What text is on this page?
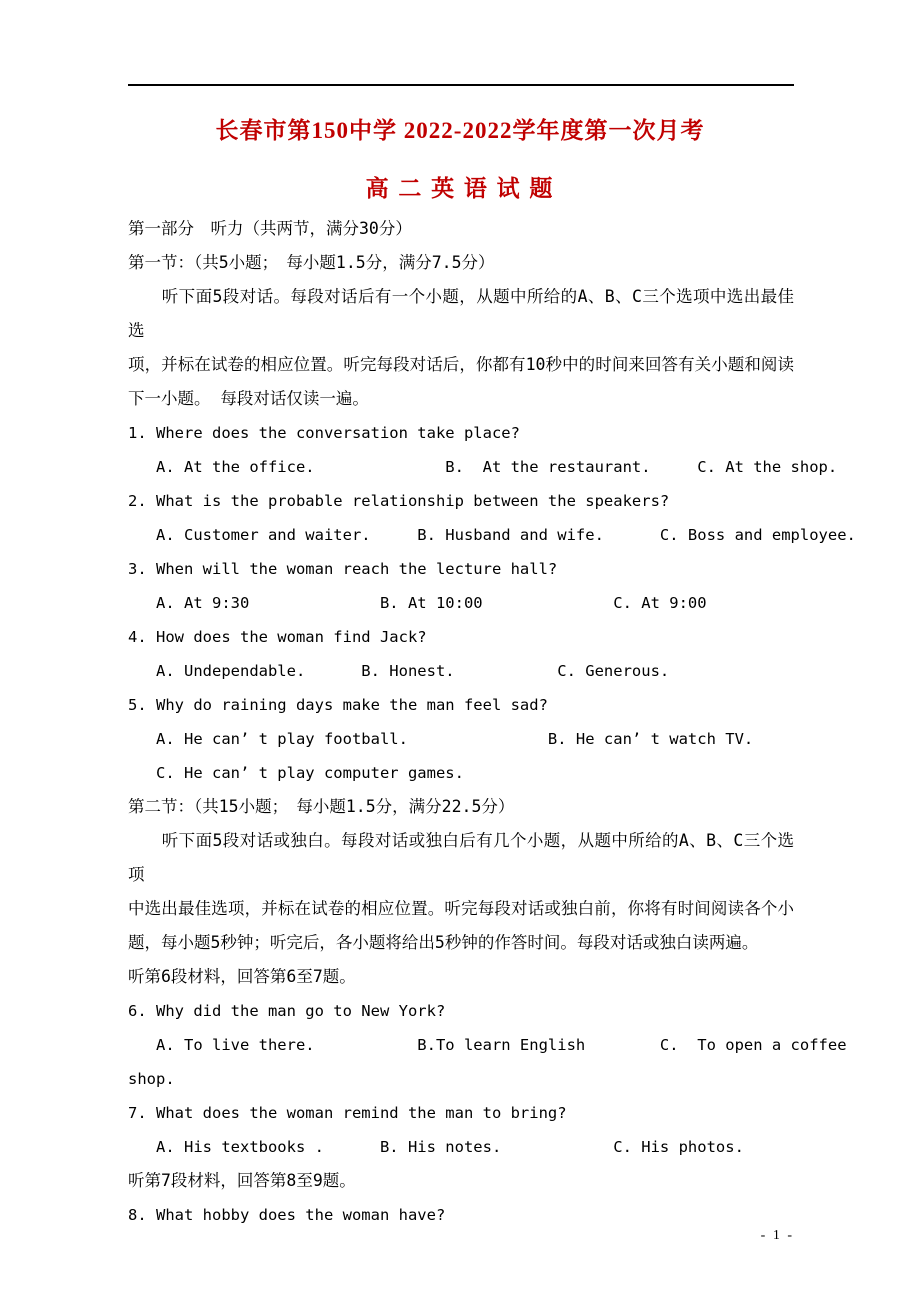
长春市第150中学 2022-2022学年度第一次月考
高 二 英 语 试 题
第一部分　听力（共两节，满分30分）
第一节：（共5小题；　每小题1.5分，满分7.5分）
　　听下面5段对话。每段对话后有一个小题，从题中所给的A、B、C三个选项中选出最佳选
项，并标在试卷的相应位置。听完每段对话后，你都有10秒中的时间来回答有关小题和阅读
下一小题。 每段对话仅读一遍。
1. Where does the conversation take place?
A. At the office.              B.  At the restaurant.     C. At the shop.
2. What is the probable relationship between the speakers?
A. Customer and waiter.     B. Husband and wife.      C. Boss and employee.
3. When will the woman reach the lecture hall?
A. At 9:30              B. At 10:00              C. At 9:00
4. How does the woman find Jack?
A. Undependable.      B. Honest.           C. Generous.
5. Why do raining days make the man feel sad?
A. He can’ t play football.               B. He can’ t watch TV.
C. He can’ t play computer games.
第二节：（共15小题；　每小题1.5分，满分22.5分）
　　听下面5段对话或独白。每段对话或独白后有几个小题，从题中所给的A、B、C三个选项
中选出最佳选项，并标在试卷的相应位置。听完每段对话或独白前，你将有时间阅读各个小
题，每小题5秒钟；听完后，各小题将给出5秒钟的作答时间。每段对话或独白读两遍。
听第6段材料，回答第6至7题。
6. Why did the man go to New York?
A. To live there.           B.To learn English        C.  To open a coffee
shop.
7. What does the woman remind the man to bring?
A. His textbooks .      B. His notes.            C. His photos.
听第7段材料，回答第8至9题。
8. What hobby does the woman have?
- 1 -
